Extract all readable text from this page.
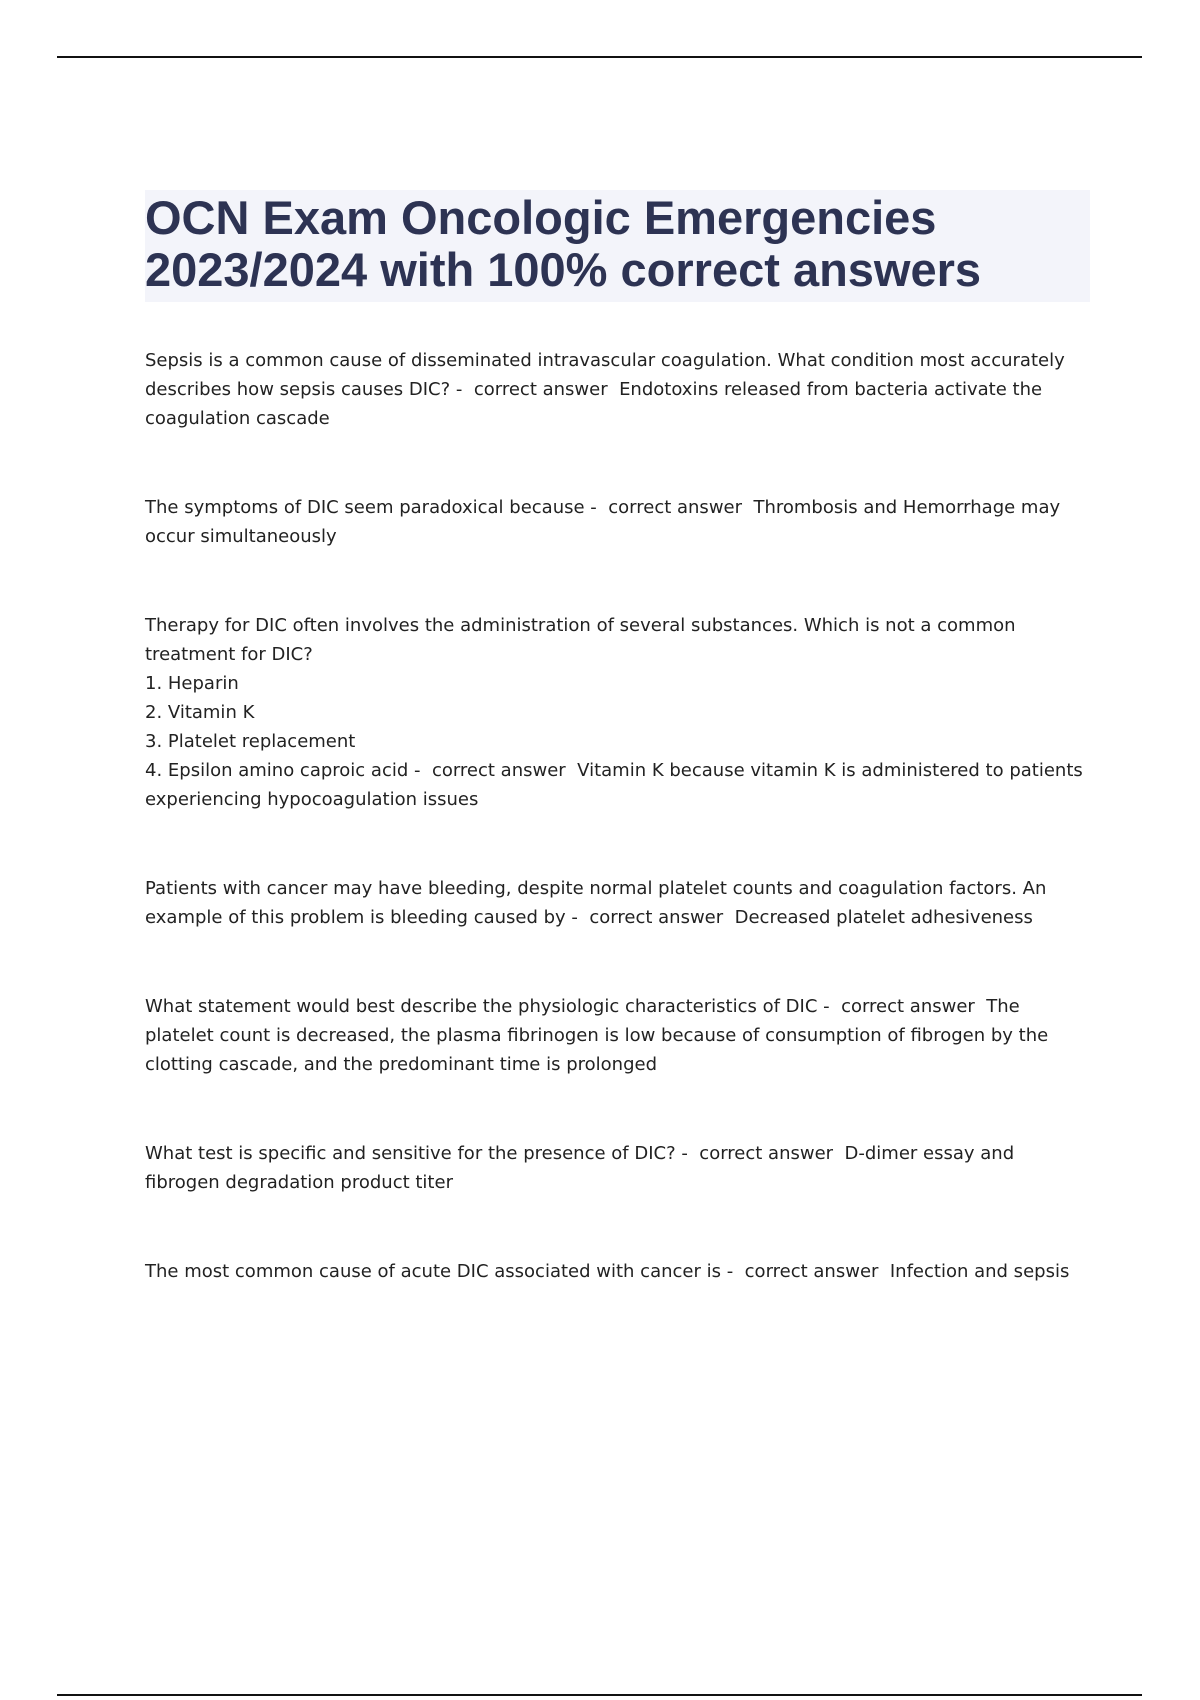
OCN Exam Oncologic Emergencies 2023/2024 with 100% correct answers

Sepsis is a common cause of disseminated intravascular coagulation. What condition most accurately describes how sepsis causes DIC? - correct answer Endotoxins released from bacteria activate the coagulation cascade

The symptoms of DIC seem paradoxical because - correct answer Thrombosis and Hemorrhage may occur simultaneously

Therapy for DIC often involves the administration of several substances. Which is not a common treatment for DIC?

1. Heparin

2. Vitamin K

3. Platelet replacement

4. Epsilon amino caproic acid - correct answer Vitamin K because vitamin K is administered to patients experiencing hypocoagulation issues

Patients with cancer may have bleeding, despite normal platelet counts and coagulation factors. An example of this problem is bleeding caused by - correct answer Decreased platelet adhesiveness

What statement would best describe the physiologic characteristics of DIC - correct answer The platelet count is decreased, the plasma fibrinogen is low because of consumption of fibrogen by the clotting cascade, and the predominant time is prolonged

What test is specific and sensitive for the presence of DIC? - correct answer D-dimer essay and fibrogen degradation product titer

The most common cause of acute DIC associated with cancer is - correct answer Infection and sepsis
